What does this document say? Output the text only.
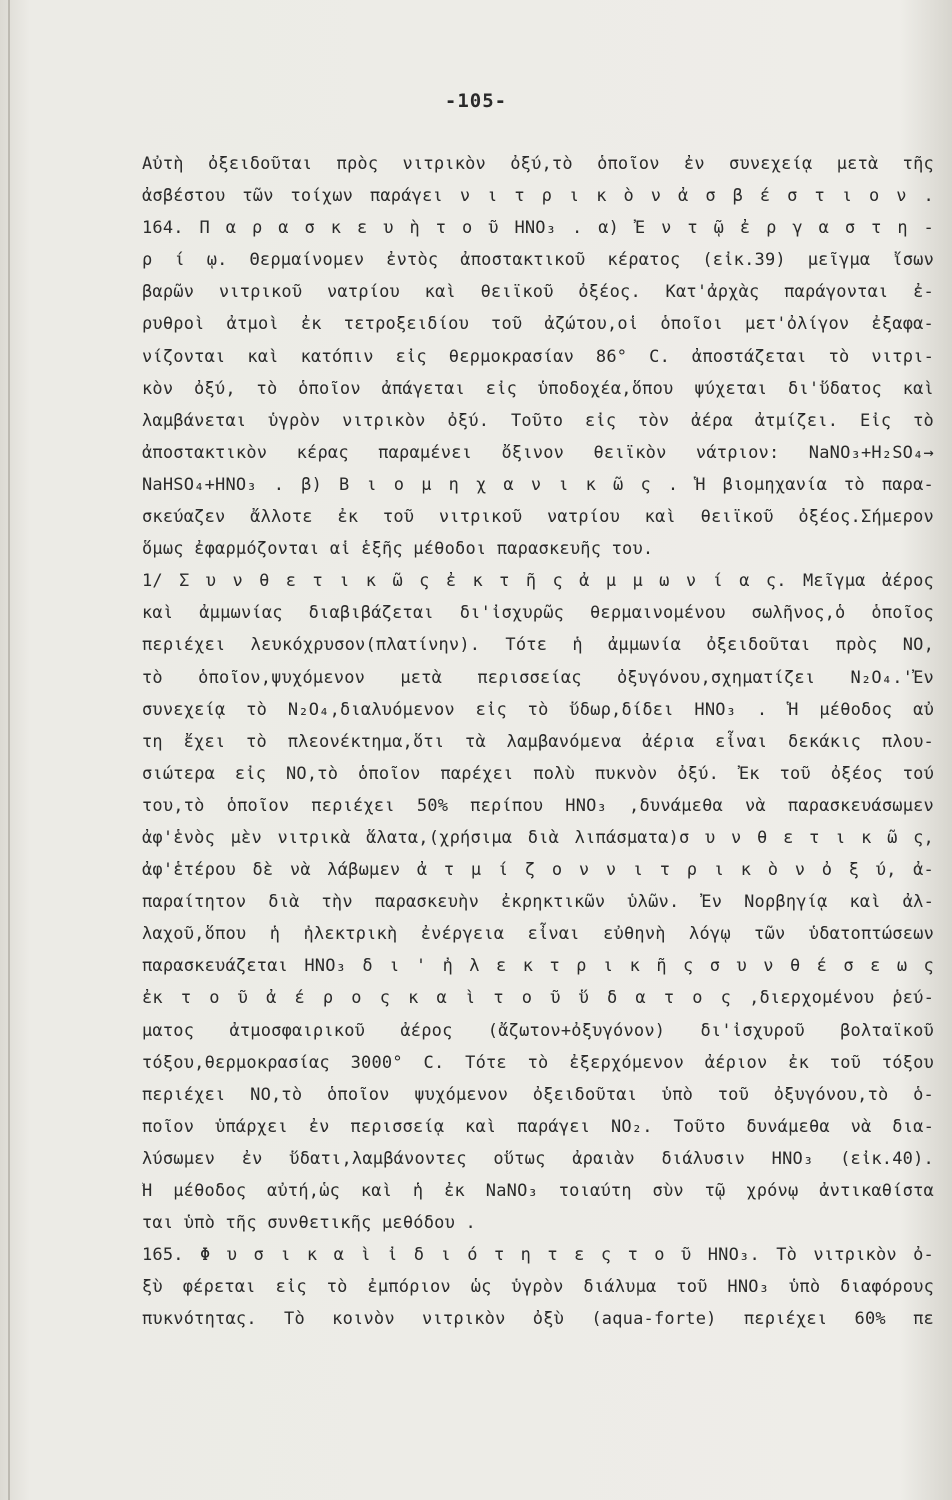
-105-
Αὐτὴ ὀξειδοῦται πρὸς νιτρικὸν ὀξύ,τὸ ὁποῖον ἐν συνεχείᾳ μετὰ τῆς
ἀσβέστου τῶν τοίχων παράγει ν ι τ ρ ι κ ὸ ν ἀ σ β έ σ τ ι ο ν .
164. Π α ρ α σ κ ε υ ὴ τ ο ῦ HNO₃ . α) Ἐ ν τ ῷ ἐ ρ γ α σ τ η -
ρ ί ῳ. Θερμαίνομεν ἐντὸς ἀποστακτικοῦ κέρατος (εἰκ.39) μεῖγμα ἴσων
βαρῶν νιτρικοῦ νατρίου καὶ θειϊκοῦ ὀξέος. Κατ'ἀρχὰς παράγονται ἐ-
ρυθροὶ ἀτμοὶ ἐκ τετροξειδίου τοῦ ἀζώτου,οἱ ὁποῖοι μετ'ὀλίγον ἐξαφα-
νίζονται καὶ κατόπιν εἰς θερμοκρασίαν 86° C. ἀποστάζεται τὸ νιτρι-
κὸν ὀξύ, τὸ ὁποῖον ἀπάγεται εἰς ὑποδοχέα,ὅπου ψύχεται δι'ὕδατος καὶ
λαμβάνεται ὑγρὸν νιτρικὸν ὀξύ. Τοῦτο εἰς τὸν ἀέρα ἀτμίζει. Εἰς τὸ
ἀποστακτικὸν κέρας παραμένει ὄξινον θειϊκὸν νάτριον: NaNO₃+H₂SO₄→
NaHSO₄+HNO₃ . β) Β ι ο μ η χ α ν ι κ ῶ ς . Ἡ βιομηχανία τὸ παρα-
σκεύαζεν ἄλλοτε ἐκ τοῦ νιτρικοῦ νατρίου καὶ θειϊκοῦ ὀξέος.Σήμερον
ὅμως ἐφαρμόζονται αἱ ἑξῆς μέθοδοι παρασκευῆς του.
1/ Σ υ ν θ ε τ ι κ ῶ ς ἐ κ τ ῆ ς ἀ μ μ ω ν ί α ς. Μεῖγμα ἀέρος
καὶ ἀμμωνίας διαβιβάζεται δι'ἰσχυρῶς θερμαινομένου σωλῆνος,ὁ ὁποῖος
περιέχει λευκόχρυσον(πλατίνην). Τότε ἡ ἀμμωνία ὀξειδοῦται πρὸς NO,
τὸ ὁποῖον,ψυχόμενον μετὰ περισσείας ὀξυγόνου,σχηματίζει N₂O₄.'Ἐν
συνεχείᾳ τὸ N₂O₄,διαλυόμενον εἰς τὸ ὕδωρ,δίδει HNO₃ . Ἡ μέθοδος αὐ
τη ἔχει τὸ πλεονέκτημα,ὅτι τὰ λαμβανόμενα ἀέρια εἶναι δεκάκις πλου-
σιώτερα εἰς NO,τὸ ὁποῖον παρέχει πολὺ πυκνὸν ὀξύ. Ἐκ τοῦ ὀξέος τού
του,τὸ ὁποῖον περιέχει 50% περίπου HNO₃ ,δυνάμεθα νὰ παρασκευάσωμεν
ἀφ'ἑνὸς μὲν νιτρικὰ ἅλατα,(χρήσιμα διὰ λιπάσματα)σ υ ν θ ε τ ι κ ῶ ς,
ἀφ'ἑτέρου δὲ νὰ λάβωμεν ἀ τ μ ί ζ ο ν ν ι τ ρ ι κ ὸ ν ὀ ξ ύ, ἀ-
παραίτητον διὰ τὴν παρασκευὴν ἐκρηκτικῶν ὑλῶν. Ἐν Νορβηγίᾳ καὶ ἀλ-
λαχοῦ,ὅπου ἡ ἠλεκτρικὴ ἐνέργεια εἶναι εὐθηνὴ λόγῳ τῶν ὑδατοπτώσεων
παρασκευάζεται HNO₃ δ ι ' ἠ λ ε κ τ ρ ι κ ῆ ς σ υ ν θ έ σ ε ω ς
ἐκ τ ο ῦ ἀ έ ρ ο ς κ α ὶ τ ο ῦ ὕ δ α τ ο ς ,διερχομένου ῥεύ-
ματος ἀτμοσφαιρικοῦ ἀέρος (ἄζωτον+ὀξυγόνον) δι'ἰσχυροῦ βολταϊκοῦ
τόξου,θερμοκρασίας 3000° C. Τότε τὸ ἐξερχόμενον ἀέριον ἐκ τοῦ τόξου
περιέχει NO,τὸ ὁποῖον ψυχόμενον ὀξειδοῦται ὑπὸ τοῦ ὀξυγόνου,τὸ ὁ-
ποῖον ὑπάρχει ἐν περισσείᾳ καὶ παράγει NO₂. Τοῦτο δυνάμεθα νὰ δια-
λύσωμεν ἐν ὕδατι,λαμβάνοντες οὕτως ἀραιὰν διάλυσιν HNO₃ (εἰκ.40).
Ἡ μέθοδος αὐτή,ὡς καὶ ἡ ἐκ NaNO₃ τοιαύτη σὺν τῷ χρόνῳ ἀντικαθίστα
ται ὑπὸ τῆς συνθετικῆς μεθόδου .
165. Φ υ σ ι κ α ὶ ἰ δ ι ό τ η τ ε ς τ ο ῦ HNO₃. Τὸ νιτρικὸν ὀ-
ξὺ φέρεται εἰς τὸ ἐμπόριον ὡς ὑγρὸν διάλυμα τοῦ HNO₃ ὑπὸ διαφόρους
πυκνότητας. Τὸ κοινὸν νιτρικὸν ὀξὺ (aqua-forte) περιέχει 60% πε
